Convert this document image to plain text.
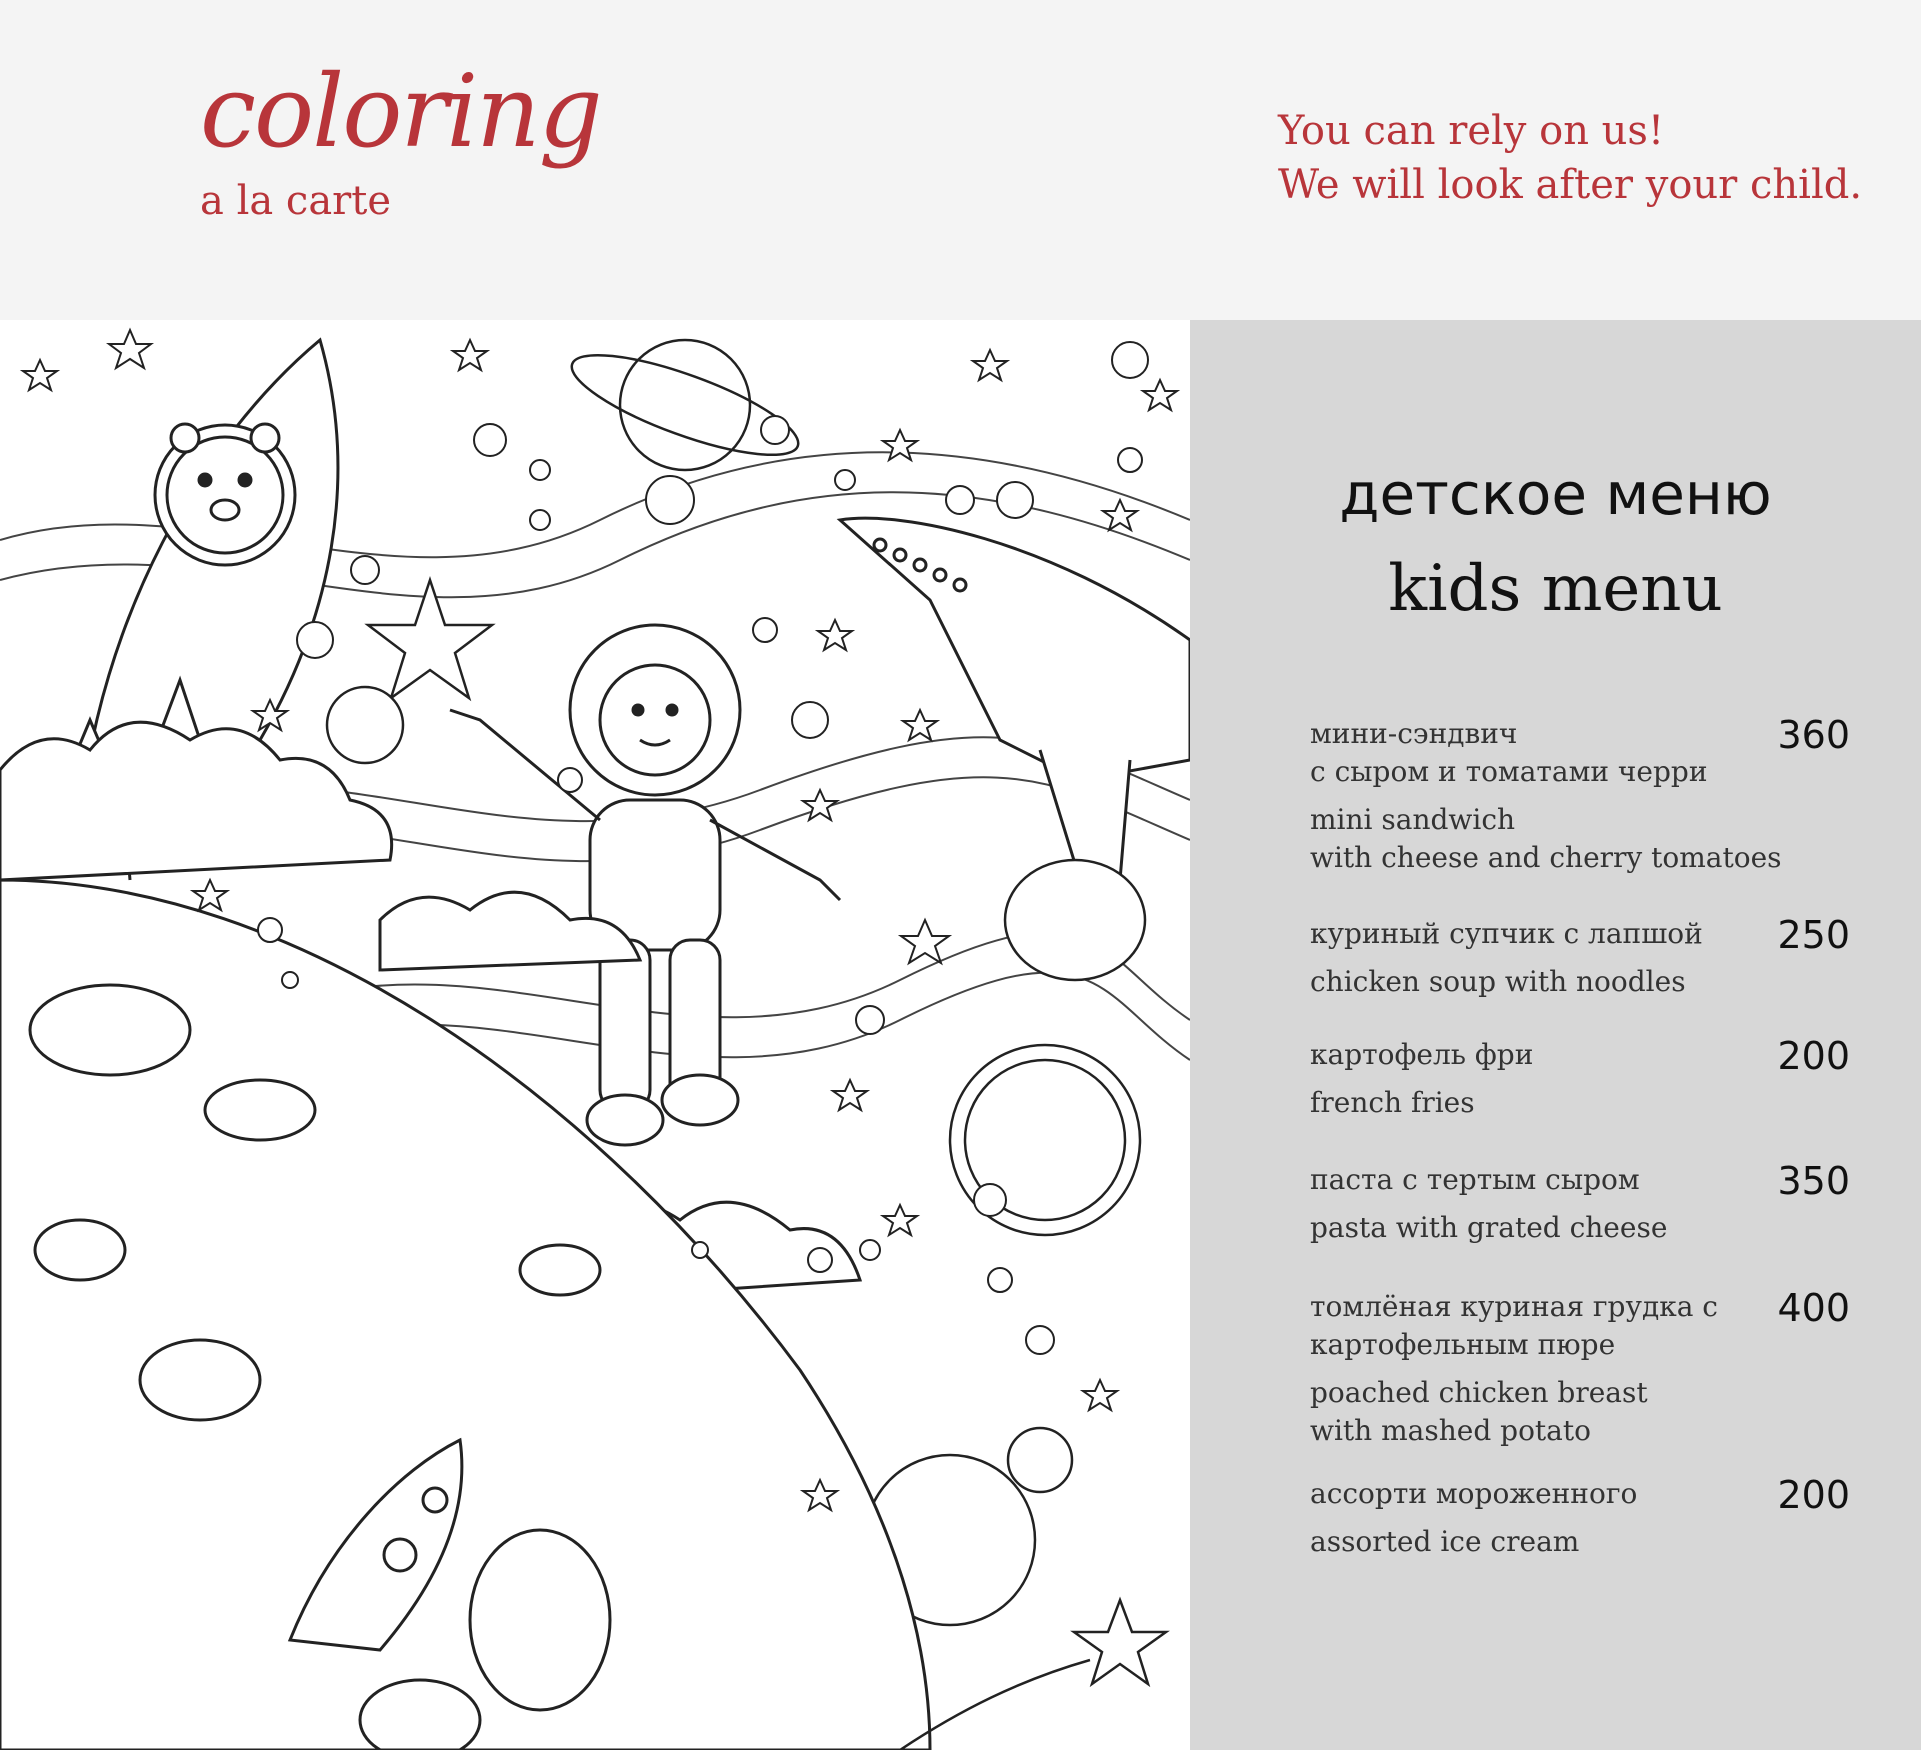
coloring
a la carte
You can rely on us!
We will look after your child.
детское меню
kids menu
мини-сэндвич
с сыром и томатами черри
mini sandwich
with cheese and cherry tomatoes
360
куриный супчик с лапшой
chicken soup with noodles
250
картофель фри
french fries
200
паста с тертым сыром
pasta with grated cheese
350
томлёная куриная грудка с
картофельным пюре
poached chicken breast
with mashed potato
400
ассорти мороженного
assorted ice cream
200
